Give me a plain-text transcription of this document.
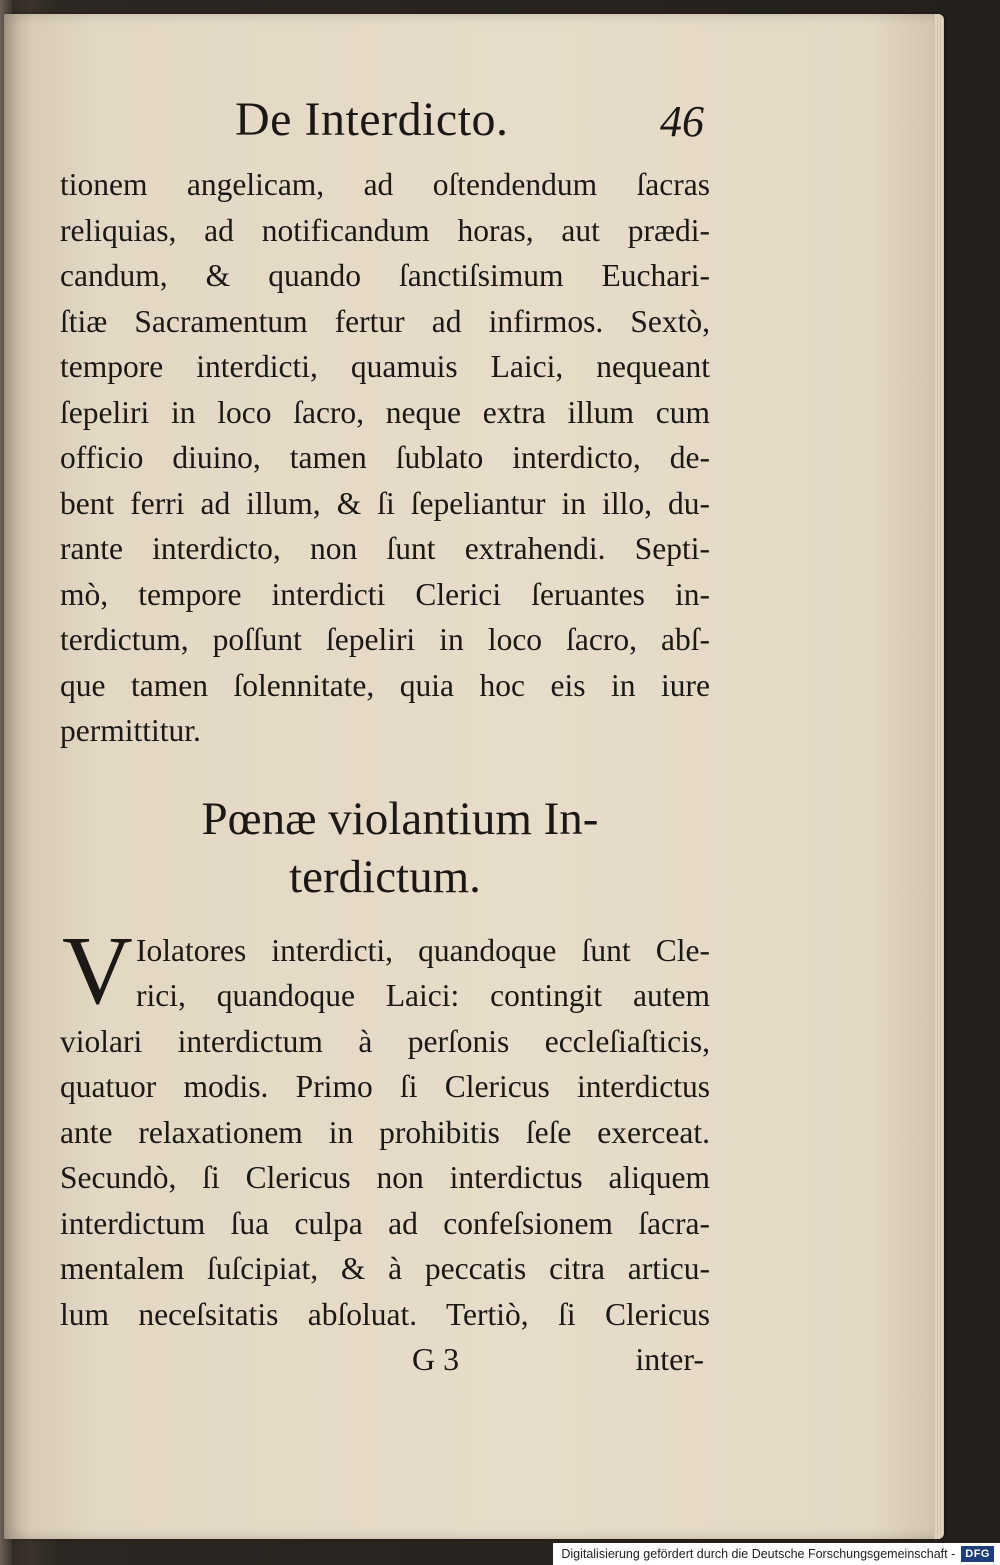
De Interdicto.	46

tionem angelicam, ad oſtendendum ſacras
reliquias, ad notificandum horas, aut prædi-
candum, & quando ſanctiſsimum Euchari-
ſtiæ Sacramentum fertur ad infirmos. Sextò,
tempore interdicti, quamuis Laici, nequeant
ſepeliri in loco ſacro, neque extra illum cum
officio diuino, tamen ſublato interdicto, de-
bent ferri ad illum, & ſi ſepeliantur in illo, du-
rante interdicto, non ſunt extrahendi. Septi-
mò, tempore interdicti Clerici ſeruantes in-
terdictum, poſſunt ſepeliri in loco ſacro, abſ-
que tamen ſolennitate, quia hoc eis in iure
permittitur.

Pœnæ violantium In-
terdictum.
V Iolatores interdicti, quandoque ſunt Cle-
rici, quandoque Laici: contingit autem
violari interdictum à perſonis eccleſiaſticis,
quatuor modis. Primo ſi Clericus interdictus
ante relaxationem in prohibitis ſeſe exerceat.
Secundò, ſi Clericus non interdictus aliquem
interdictum ſua culpa ad confeſsionem ſacra-
mentalem ſuſcipiat, & à peccatis citra articu-
lum neceſsitatis abſoluat. Tertiò, ſi Clericus

G 3	inter-
Digitalisierung gefördert durch die Deutsche Forschungsgemeinschaft - DFG
